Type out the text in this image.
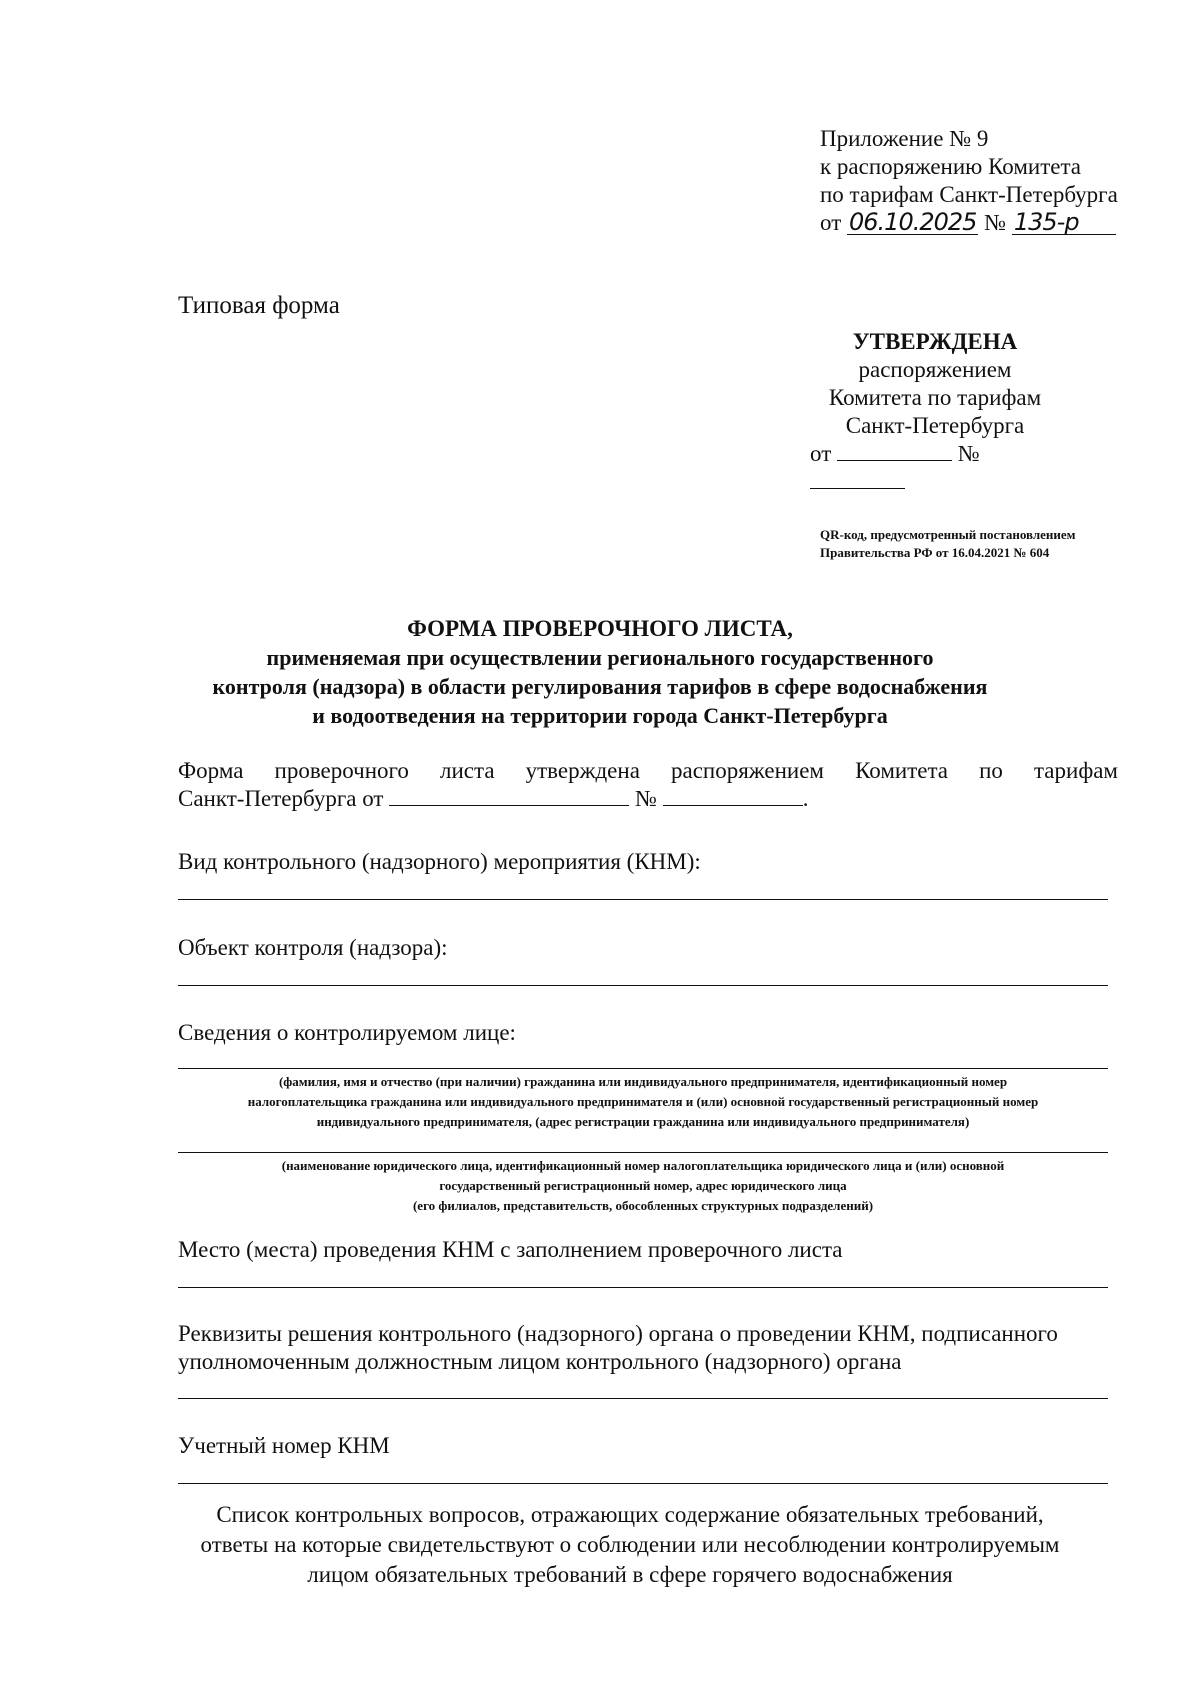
Приложение № 9
к распоряжению Комитета
по тарифам Санкт-Петербурга
от 06.10.2025 № 135-р
Типовая форма
УТВЕРЖДЕНА
распоряжением
Комитета по тарифам
Санкт-Петербурга
от	№
QR-код, предусмотренный постановлением
Правительства РФ от 16.04.2021 № 604
ФОРМА ПРОВЕРОЧНОГО ЛИСТА,
применяемая при осуществлении регионального государственного
контроля (надзора) в области регулирования тарифов в сфере водоснабжения
и водоотведения на территории города Санкт-Петербурга
Форма проверочного листа утверждена распоряжением Комитета по тарифам
Санкт-Петербурга от	№	.
Вид контрольного (надзорного) мероприятия (КНМ):
Объект контроля (надзора):
Сведения о контролируемом лице:
(фамилия, имя и отчество (при наличии) гражданина или индивидуального предпринимателя, идентификационный номер
налогоплательщика гражданина или индивидуального предпринимателя и (или) основной государственный регистрационный номер
индивидуального предпринимателя, (адрес регистрации гражданина или индивидуального предпринимателя)
(наименование юридического лица, идентификационный номер налогоплательщика юридического лица и (или) основной
государственный регистрационный номер, адрес юридического лица
(его филиалов, представительств, обособленных структурных подразделений)
Место (места) проведения КНМ с заполнением проверочного листа
Реквизиты решения контрольного (надзорного) органа о проведении КНМ, подписанного
уполномоченным должностным лицом контрольного (надзорного) органа
Учетный номер КНМ
Список контрольных вопросов, отражающих содержание обязательных требований,
ответы на которые свидетельствуют о соблюдении или несоблюдении контролируемым
лицом обязательных требований в сфере горячего водоснабжения
